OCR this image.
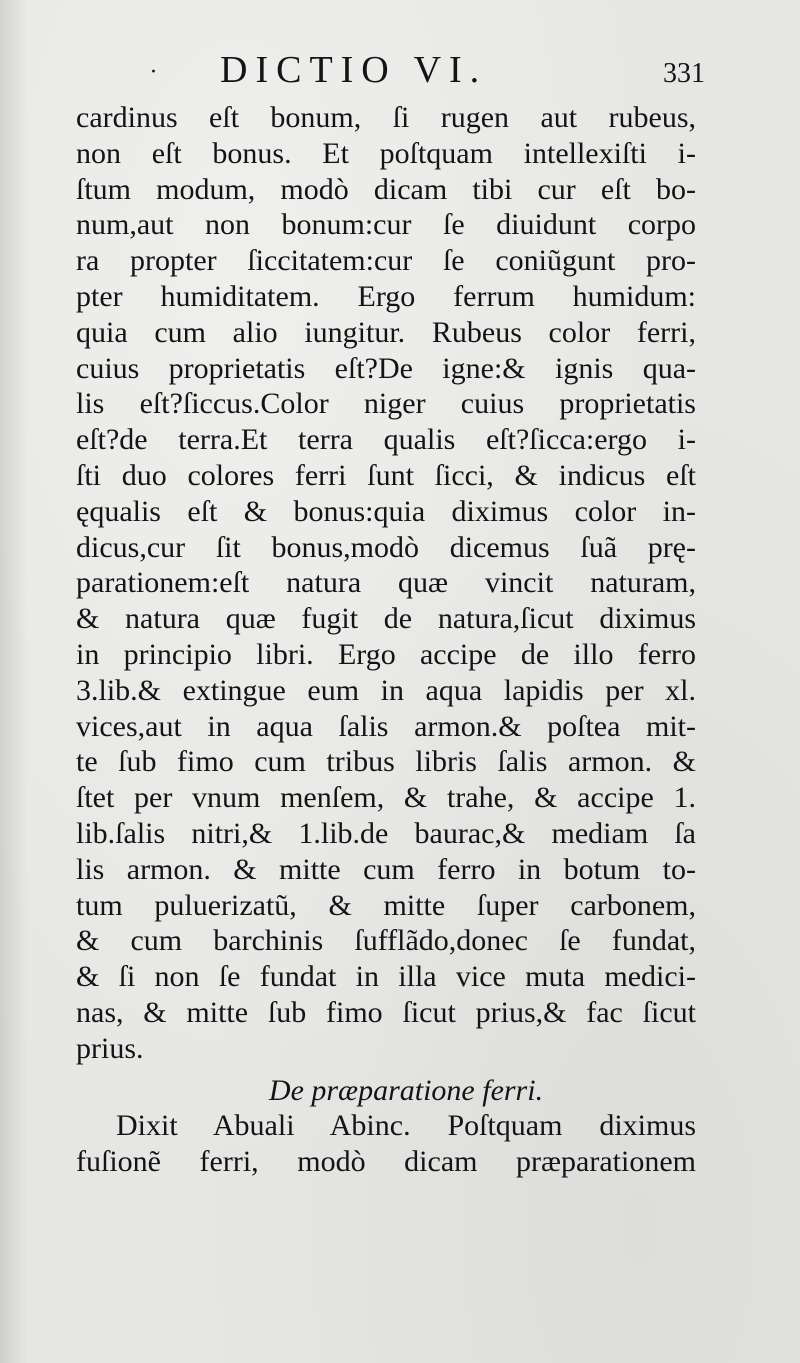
· DICTIO VI.	331
cardinus eſt bonum, ſi rugen aut rubeus,
non eſt bonus. Et poſtquam intellexiſti i-
ſtum modum, modò dicam tibi cur eſt bo-
num,aut non bonum:cur ſe diuidunt corpo
ra propter ſiccitatem:cur ſe coniũgunt pro-
pter humiditatem. Ergo ferrum humidum:
quia cum alio iungitur. Rubeus color ferri,
cuius proprietatis eſt?De igne:& ignis qua-
lis eſt?ſiccus.Color niger cuius proprietatis
eſt?de terra.Et terra qualis eſt?ſicca:ergo i-
ſti duo colores ferri ſunt ſicci, & indicus eſt
ęqualis eſt & bonus:quia diximus color in-
dicus,cur ſit bonus,modò dicemus ſuã prę-
parationem:eſt natura quæ vincit naturam,
& natura quæ fugit de natura,ſicut diximus
in principio libri. Ergo accipe de illo ferro
3.lib.& extingue eum in aqua lapidis per xl.
vices,aut in aqua ſalis armon.& poſtea mit-
te ſub fimo cum tribus libris ſalis armon. &
ſtet per vnum menſem, & trahe, & accipe 1.
lib.ſalis nitri,& 1.lib.de baurac,& mediam ſa
lis armon. & mitte cum ferro in botum to-
tum puluerizatũ, & mitte ſuper carbonem,
& cum barchinis ſufflãdo,donec ſe fundat,
& ſi non ſe fundat in illa vice muta medici-
nas, & mitte ſub fimo ſicut prius,& fac ſicut
prius.
De præparatione ferri.
Dixit Abuali Abinc. Poſtquam diximus
fuſionẽ ferri, modò dicam præparationem
